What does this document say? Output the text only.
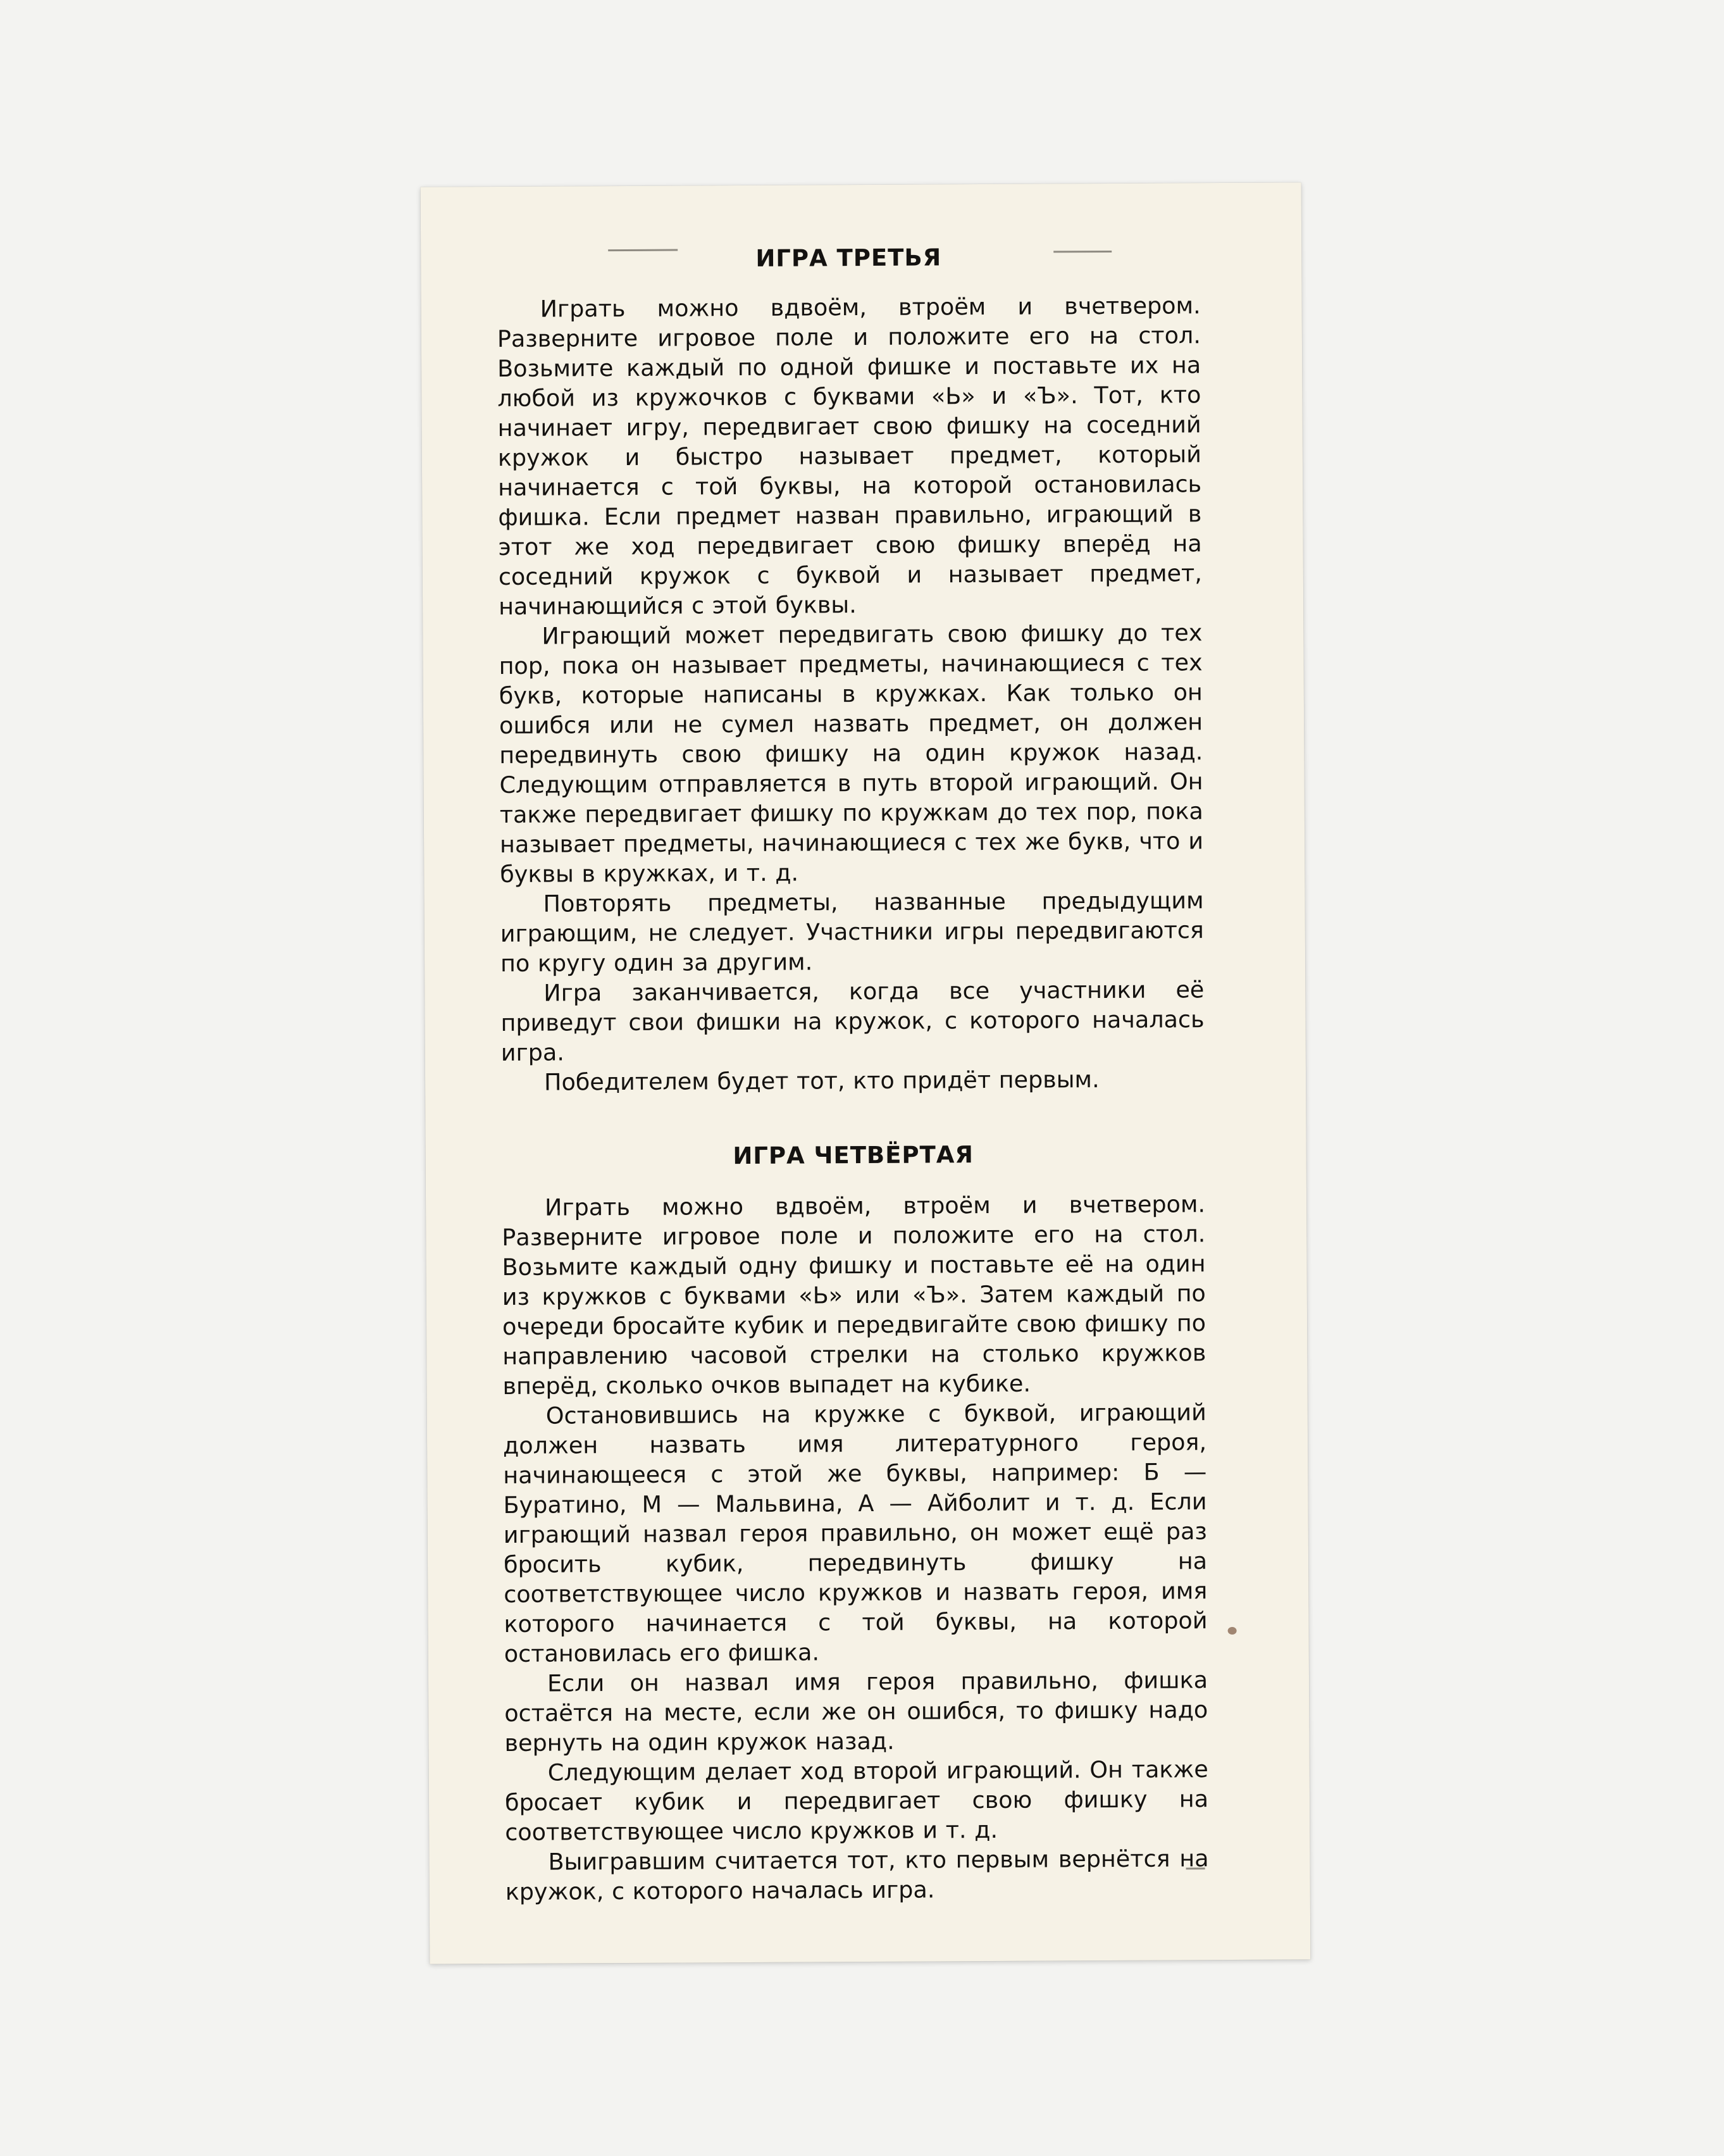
ИГРА ТРЕТЬЯ

Играть можно вдвоём, втроём и вчетвером. Разверните игровое поле и положите его на стол. Возьмите каждый по одной фишке и поставьте их на любой из кружочков с буквами «Ь» и «Ъ». Тот, кто начинает игру, передвигает свою фишку на соседний кружок и быстро называет предмет, который начинается с той буквы, на которой остановилась фишка. Если предмет назван правильно, играющий в этот же ход передвигает свою фишку вперёд на соседний кружок с буквой и называет предмет, начинающийся с этой буквы.

Играющий может передвигать свою фишку до тех пор, пока он называет предметы, начинающиеся с тех букв, которые написаны в кружках. Как только он ошибся или не сумел назвать предмет, он должен передвинуть свою фишку на один кружок назад. Следующим отправляется в путь второй играющий. Он также передвигает фишку по кружкам до тех пор, пока называет предметы, начинающиеся с тех же букв, что и буквы в кружках, и т. д.

Повторять предметы, названные предыдущим играющим, не следует. Участники игры передвигаются по кругу один за другим.

Игра заканчивается, когда все участники её приведут свои фишки на кружок, с которого началась игра.

Победителем будет тот, кто придёт первым.

ИГРА ЧЕТВЁРТАЯ

Играть можно вдвоём, втроём и вчетвером. Разверните игровое поле и положите его на стол. Возьмите каждый одну фишку и поставьте её на один из кружков с буквами «Ь» или «Ъ». Затем каждый по очереди бросайте кубик и передвигайте свою фишку по направлению часовой стрелки на столько кружков вперёд, сколько очков выпадет на кубике.

Остановившись на кружке с буквой, играющий должен назвать имя литературного героя, начинающееся с этой же буквы, например: Б — Буратино, М — Мальвина, А — Айболит и т. д. Если играющий назвал героя правильно, он может ещё раз бросить кубик, передвинуть фишку на соответствующее число кружков и назвать героя, имя которого начинается с той буквы, на которой остановилась его фишка.

Если он назвал имя героя правильно, фишка остаётся на месте, если же он ошибся, то фишку надо вернуть на один кружок назад.

Следующим делает ход второй играющий. Он также бросает кубик и передвигает свою фишку на соответствующее число кружков и т. д.

Выигравшим считается тот, кто первым вернётся на кружок, с которого началась игра.
